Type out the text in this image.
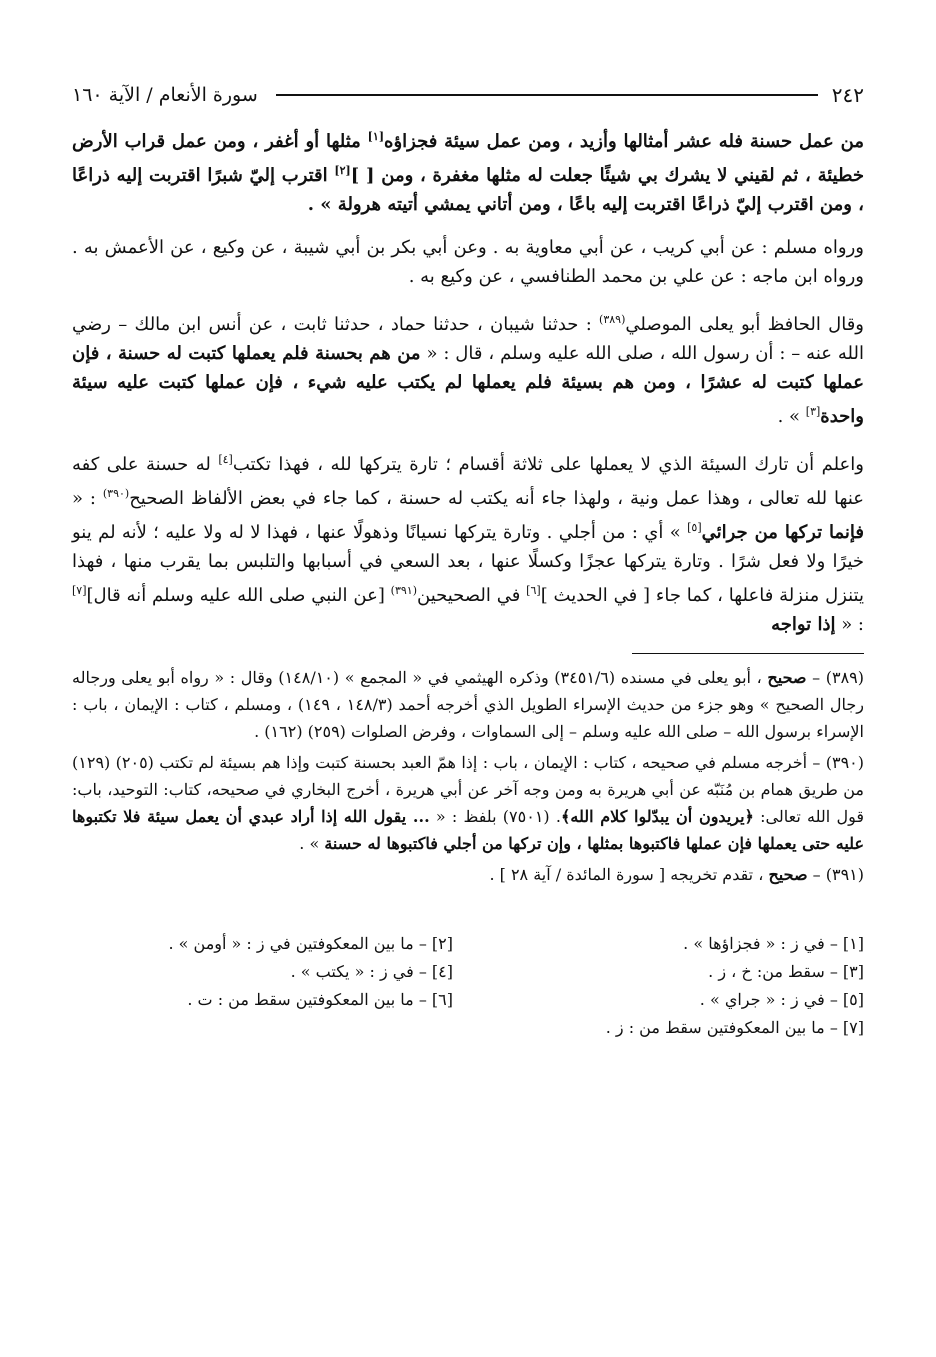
٢٤٢
سورة الأنعام / الآية ١٦٠

من عمل حسنة فله عشر أمثالها وأزيد ، ومن عمل سيئة فجزاؤه[١] مثلها أو أغفر ، ومن عمل قراب الأرض خطيئة ، ثم لقيني لا يشرك بي شيئًا جعلت له مثلها مغفرة ، ومن [ ][٢] اقترب إليّ شبرًا اقتربت إليه ذراعًا ، ومن اقترب إليّ ذراعًا اقتربت إليه باعًا ، ومن أتاني يمشي أتيته هرولة » .

ورواه مسلم : عن أبي كريب ، عن أبي معاوية به . وعن أبي بكر بن أبي شيبة ، عن وكيع ، عن الأعمش به . ورواه ابن ماجه : عن علي بن محمد الطنافسي ، عن وكيع به .

وقال الحافظ أبو يعلى الموصلي$^{(٣٨٩)}$ : حدثنا شيبان ، حدثنا حماد ، حدثنا ثابت ، عن أنس ابن مالك – رضي الله عنه – : أن رسول الله ، صلى الله عليه وسلم ، قال : « من هم بحسنة فلم يعملها كتبت له حسنة ، فإن عملها كتبت له عشرًا ، ومن هم بسيئة فلم يعملها لم يكتب عليه شيء ، فإن عملها كتبت عليه سيئة واحدة[٣] » .

واعلم أن تارك السيئة الذي لا يعملها على ثلاثة أقسام ؛ تارة يتركها لله ، فهذا تكتب[٤] له حسنة على كفه عنها لله تعالى ، وهذا عمل ونية ، ولهذا جاء أنه يكتب له حسنة ، كما جاء في بعض الألفاظ الصحيح$^{(٣٩٠)}$ : « فإنما تركها من جرائي[٥] » أي : من أجلي . وتارة يتركها نسيانًا وذهولًا عنها ، فهذا لا له ولا عليه ؛ لأنه لم ينو خيرًا ولا فعل شرًا . وتارة يتركها عجزًا وكسلًا عنها ، بعد السعي في أسبابها والتلبس بما يقرب منها ، فهذا يتنزل منزلة فاعلها ، كما جاء [ في الحديث ][٦] في الصحيحين$^{(٣٩١)}$ [عن النبي صلى الله عليه وسلم أنه قال][٧] : « إذا تواجه

(٣٨٩) – صحيح ، أبو يعلى في مسنده (٣٤٥١/٦) وذكره الهيثمي في « المجمع » (١٤٨/١٠) وقال : « رواه أبو يعلى ورجاله رجال الصحيح » وهو جزء من حديث الإسراء الطويل الذي أخرجه أحمد (١٤٨/٣ ، ١٤٩) ، ومسلم ، كتاب : الإيمان ، باب : الإسراء برسول الله – صلى الله عليه وسلم – إلى السماوات ، وفرض الصلوات (٢٥٩) (١٦٢) .

(٣٩٠) – أخرجه مسلم في صحيحه ، كتاب : الإيمان ، باب : إذا همّ العبد بحسنة كتبت وإذا هم بسيئة لم تكتب (٢٠٥) (١٢٩) من طريق همام بن مُنَبّه عن أبي هريرة به ومن وجه آخر عن أبي هريرة ، أخرج البخاري في صحيحه، كتاب: التوحيد، باب: قول الله تعالى: ﴿يريدون أن يبدّلوا كلام الله﴾. (٧٥٠١) بلفظ : « ... يقول الله إذا أراد عبدي أن يعمل سيئة فلا تكتبوها عليه حتى يعملها فإن عملها فاكتبوها بمثلها ، وإن تركها من أجلي فاكتبوها له حسنة » .

(٣٩١) – صحيح ، تقدم تخريجه [ سورة المائدة / آية ٢٨ ] .

[١] – في ز : « فجزاؤها » .
[٢] – ما بين المعكوفتين في ز : « أومن » .
[٣] – سقط من: خ ، ز .
[٤] – في ز : « يكتب » .
[٥] – في ز : « جراي » .
[٦] – ما بين المعكوفتين سقط من : ت .
[٧] – ما بين المعكوفتين سقط من : ز .
